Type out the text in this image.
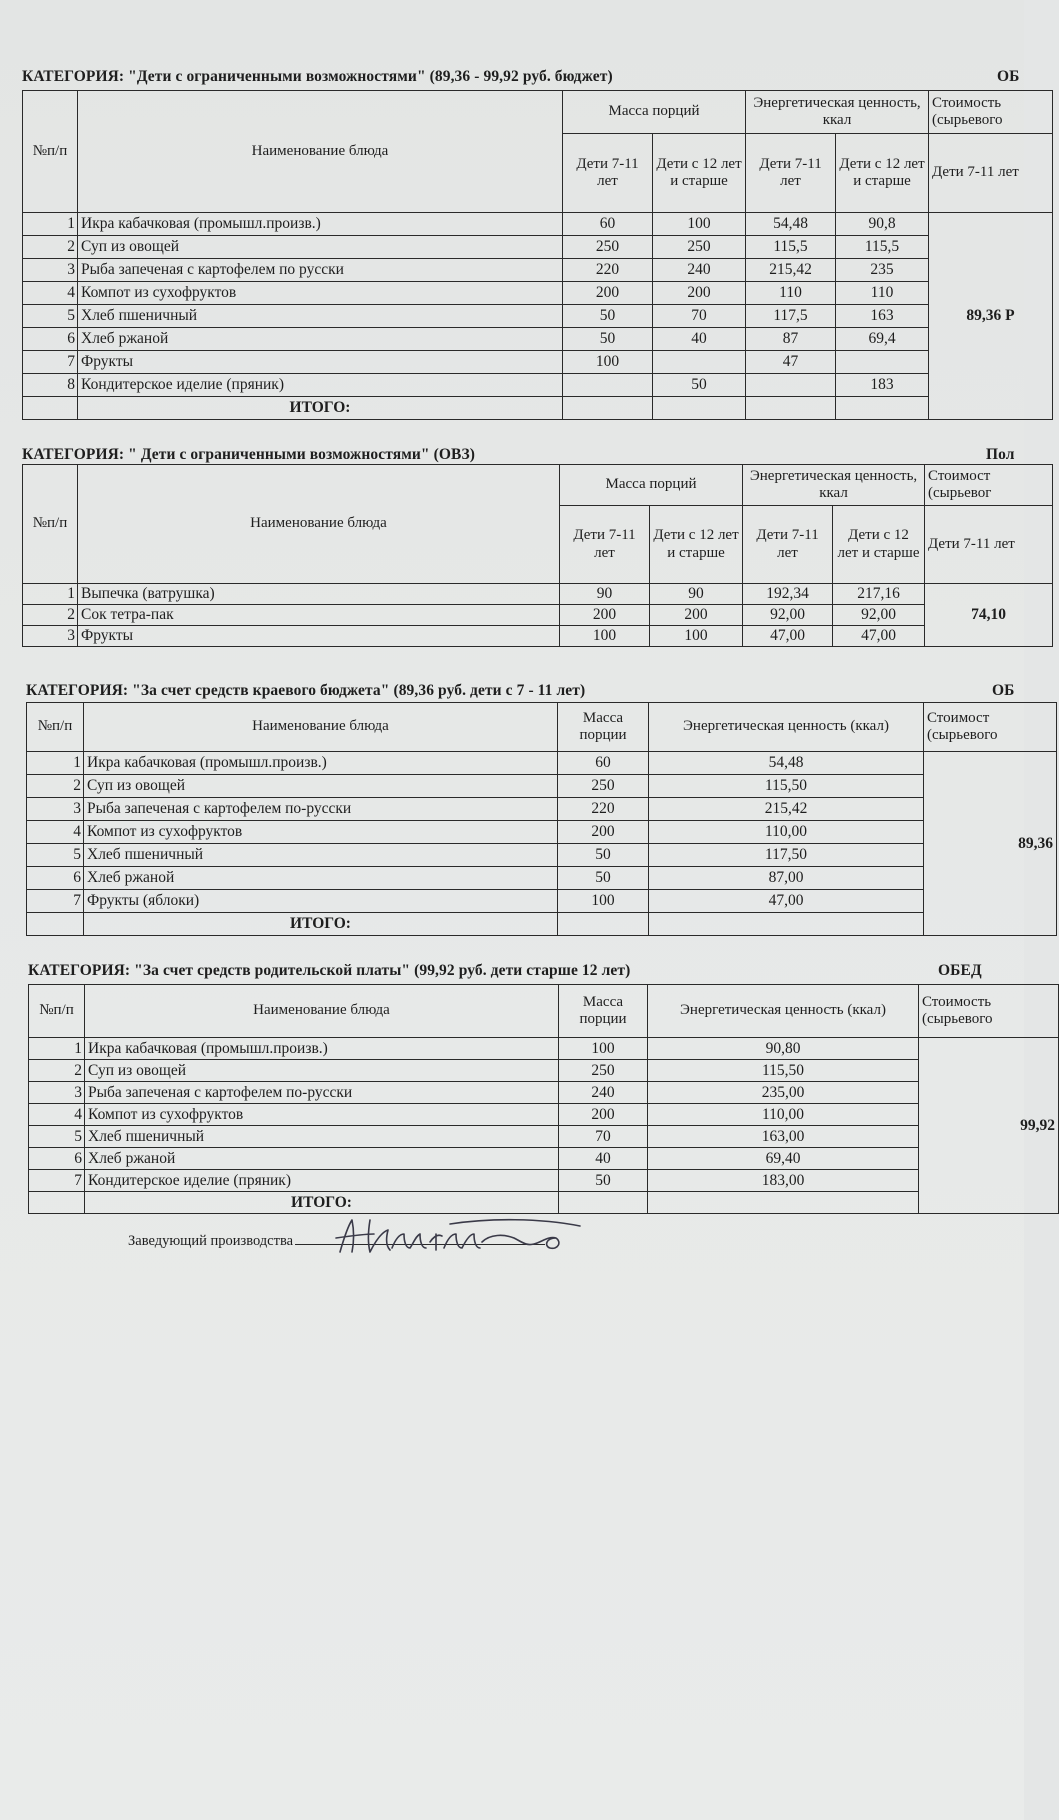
КАТЕГОРИЯ: "Дети с ограниченными возможностями" (89,36 - 99,92 руб. бюджет)	ОБ
№п/п	Наименование блюда	Масса порций		Энергетическая ценность, ккал		Стоимость (сырьевого
		Дети 7-11 лет	Дети с 12 лет и старше	Дети 7-11 лет	Дети с 12 лет и старше	Дети 7-11 лет
1	Икра кабачковая (промышл.произв.)	60	100	54,48	90,8	89,36 Р
2	Суп из овощей	250	250	115,5	115,5	
3	Рыба запеченая с картофелем по русски	220	240	215,42	235	
4	Компот из сухофруктов	200	200	110	110	
5	Хлеб пшеничный	50	70	117,5	163	
6	Хлеб ржаной	50	40	87	69,4	
7	Фрукты	100		47		
8	Кондитерское иделие (пряник)		50		183	
	ИТОГО:					
КАТЕГОРИЯ: " Дети с ограниченными возможностями" (ОВЗ)	Пол
№п/п	Наименование блюда	Масса порций		Энергетическая ценность, ккал		Стоимост (сырьевог
		Дети 7-11 лет	Дети с 12 лет и старше	Дети 7-11 лет	Дети с 12 лет и старше	Дети 7-11 лет
1	Выпечка (ватрушка)	90	90	192,34	217,16	74,10
2	Сок тетра-пак	200	200	92,00	92,00	
3	Фрукты	100	100	47,00	47,00	
КАТЕГОРИЯ: "За счет средств краевого бюджета" (89,36 руб. дети с 7 - 11 лет)	ОБ
№п/п	Наименование блюда	Масса порции	Энергетическая ценность (ккал)	Стоимост (сырьевого
1	Икра кабачковая (промышл.произв.)	60	54,48	89,36
2	Суп из овощей	250	115,50	
3	Рыба запеченая с картофелем по-русски	220	215,42	
4	Компот из сухофруктов	200	110,00	
5	Хлеб пшеничный	50	117,50	
6	Хлеб ржаной	50	87,00	
7	Фрукты (яблоки)	100	47,00	
	ИТОГО:			
КАТЕГОРИЯ: "За счет средств родительской платы" (99,92 руб. дети старше 12 лет)	ОБЕД
№п/п	Наименование блюда	Масса порции	Энергетическая ценность (ккал)	Стоимость (сырьевого
1	Икра кабачковая (промышл.произв.)	100	90,80	99,92
2	Суп из овощей	250	115,50	
3	Рыба запеченая с картофелем по-русски	240	235,00	
4	Компот из сухофруктов	200	110,00	
5	Хлеб пшеничный	70	163,00	
6	Хлеб ржаной	40	69,40	
7	Кондитерское иделие (пряник)	50	183,00	
	ИТОГО:			
Заведующий производства
